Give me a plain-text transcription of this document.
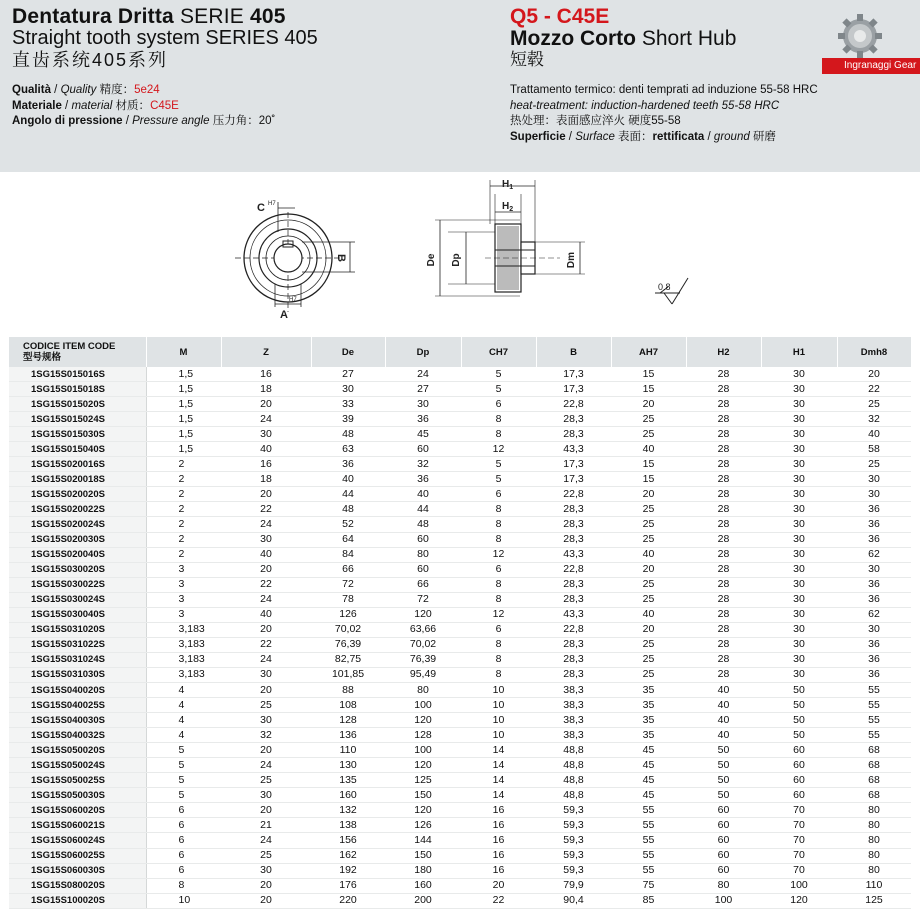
Dentatura Dritta SERIE 405
Straight tooth system SERIES 405
直齿系统405系列
Qualità / Quality 精度：5e24
Materiale / material 材质：C45E
Angolo di pressione / Pressure angle 压力角：20˚
Q5 - C45E
Mozzo Corto Short Hub
短毂
Trattamento termico: denti temprati ad induzione 55-58 HRC
heat-treatment: induction-hardened teeth 55-58 HRC
热处理：表面感应淬火 硬度55-58
Superficie / Surface 表面：rettificata / ground 研磨
Ingranaggi Gear
C H7
B
A
H7
$H_1$
$H_2$
De Dp	Dm
0.8
CODICE ITEM CODE
型号规格	M	Z	De	Dp	CH7	B	AH7	H2	H1	Dmh8
1SG15S015016S	1,5	16	27	24	5	17,3	15	28	30	20
1SG15S015018S	1,5	18	30	27	5	17,3	15	28	30	22
1SG15S015020S	1,5	20	33	30	6	22,8	20	28	30	25
1SG15S015024S	1,5	24	39	36	8	28,3	25	28	30	32
1SG15S015030S	1,5	30	48	45	8	28,3	25	28	30	40
1SG15S015040S	1,5	40	63	60	12	43,3	40	28	30	58
1SG15S020016S	2	16	36	32	5	17,3	15	28	30	25
1SG15S020018S	2	18	40	36	5	17,3	15	28	30	30
1SG15S020020S	2	20	44	40	6	22,8	20	28	30	30
1SG15S020022S	2	22	48	44	8	28,3	25	28	30	36
1SG15S020024S	2	24	52	48	8	28,3	25	28	30	36
1SG15S020030S	2	30	64	60	8	28,3	25	28	30	36
1SG15S020040S	2	40	84	80	12	43,3	40	28	30	62
1SG15S030020S	3	20	66	60	6	22,8	20	28	30	30
1SG15S030022S	3	22	72	66	8	28,3	25	28	30	36
1SG15S030024S	3	24	78	72	8	28,3	25	28	30	36
1SG15S030040S	3	40	126	120	12	43,3	40	28	30	62
1SG15S031020S	3,183	20	70,02	63,66	6	22,8	20	28	30	30
1SG15S031022S	3,183	22	76,39	70,02	8	28,3	25	28	30	36
1SG15S031024S	3,183	24	82,75	76,39	8	28,3	25	28	30	36
1SG15S031030S	3,183	30	101,85	95,49	8	28,3	25	28	30	36
1SG15S040020S	4	20	88	80	10	38,3	35	40	50	55
1SG15S040025S	4	25	108	100	10	38,3	35	40	50	55
1SG15S040030S	4	30	128	120	10	38,3	35	40	50	55
1SG15S040032S	4	32	136	128	10	38,3	35	40	50	55
1SG15S050020S	5	20	110	100	14	48,8	45	50	60	68
1SG15S050024S	5	24	130	120	14	48,8	45	50	60	68
1SG15S050025S	5	25	135	125	14	48,8	45	50	60	68
1SG15S050030S	5	30	160	150	14	48,8	45	50	60	68
1SG15S060020S	6	20	132	120	16	59,3	55	60	70	80
1SG15S060021S	6	21	138	126	16	59,3	55	60	70	80
1SG15S060024S	6	24	156	144	16	59,3	55	60	70	80
1SG15S060025S	6	25	162	150	16	59,3	55	60	70	80
1SG15S060030S	6	30	192	180	16	59,3	55	60	70	80
1SG15S080020S	8	20	176	160	20	79,9	75	80	100	110
1SG15S100020S	10	20	220	200	22	90,4	85	100	120	125
